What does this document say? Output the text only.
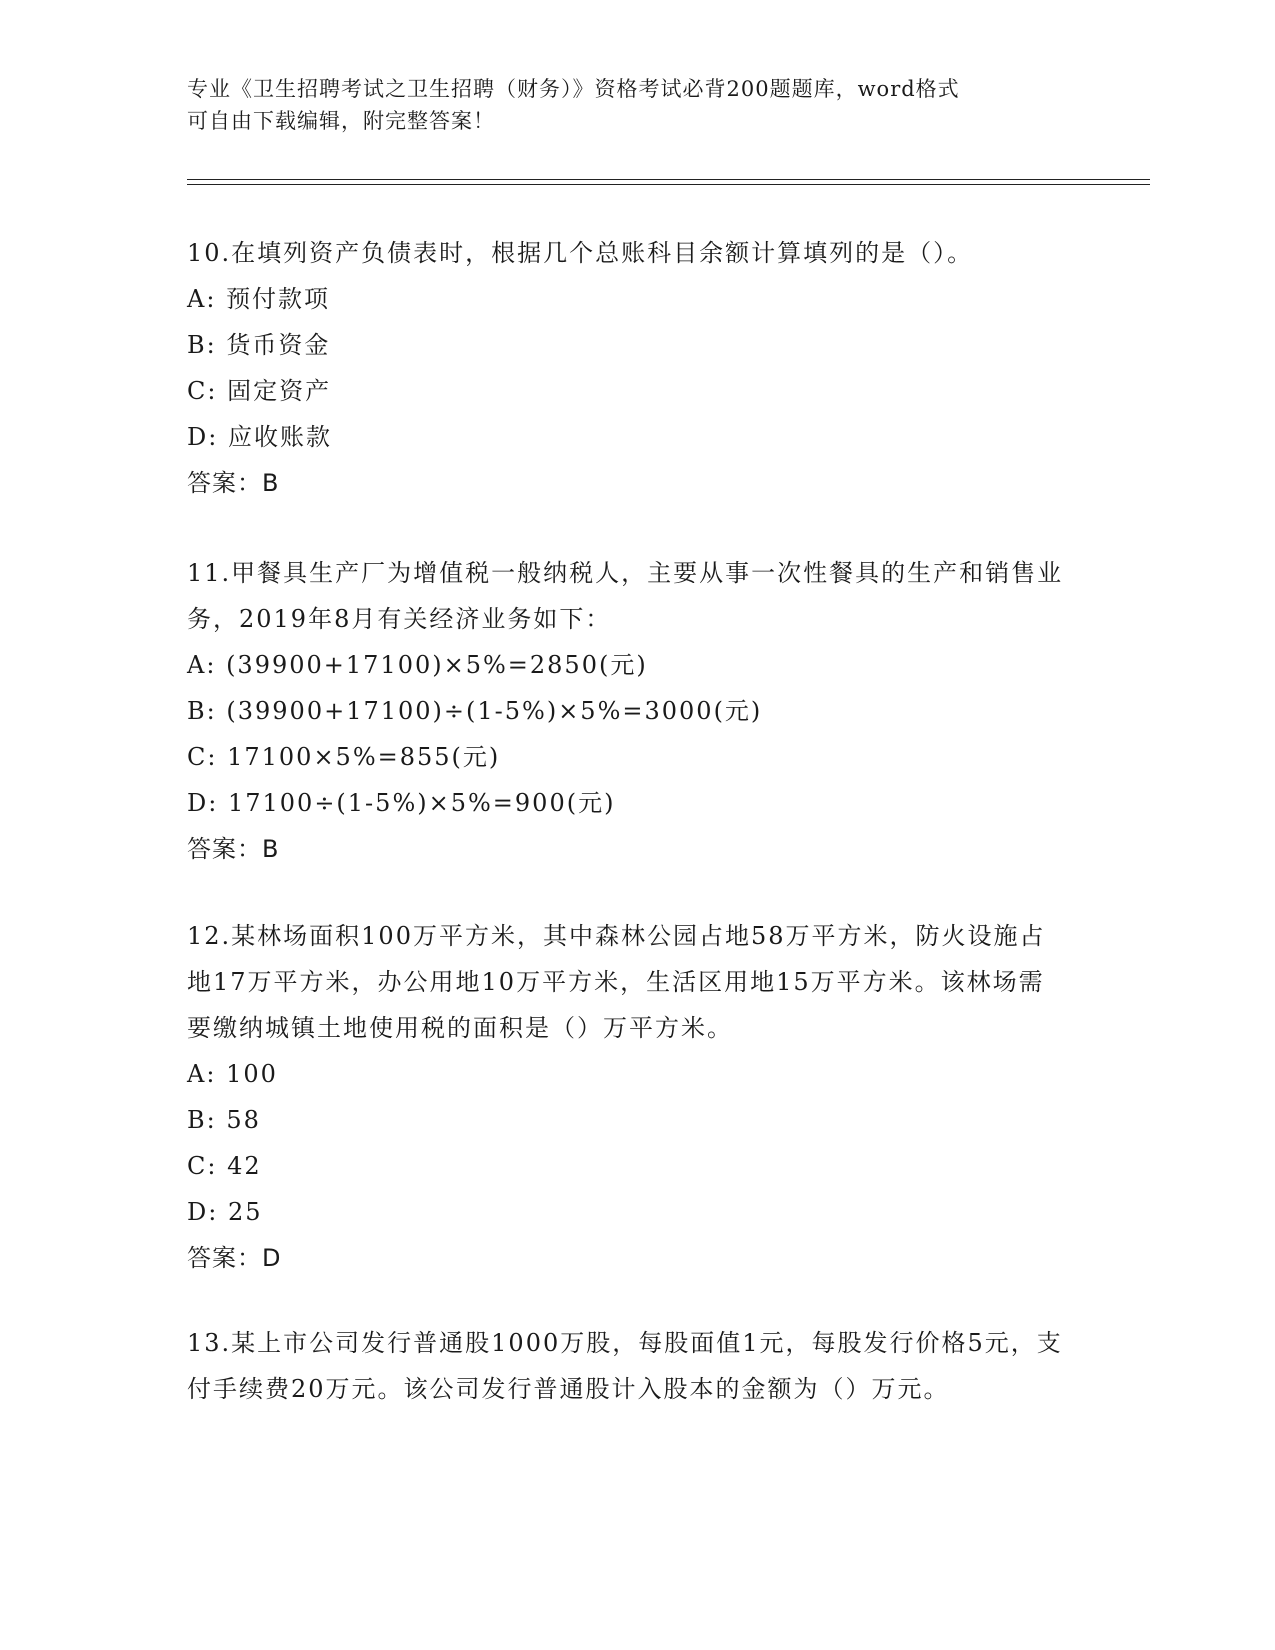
专业《卫生招聘考试之卫生招聘（财务）》资格考试必背200题题库，word格式
可自由下载编辑，附完整答案！

10.在填列资产负债表时，根据几个总账科目余额计算填列的是（）。

A: 预付款项

B: 货币资金

C: 固定资产

D: 应收账款

答案：B

11.甲餐具生产厂为增值税一般纳税人，主要从事一次性餐具的生产和销售业务，2019年8月有关经济业务如下：

A: (39900+17100)×5%=2850(元)

B: (39900+17100)÷(1-5%)×5%=3000(元)

C: 17100×5%=855(元)

D: 17100÷(1-5%)×5%=900(元)

答案：B

12.某林场面积100万平方米，其中森林公园占地58万平方米，防火设施占地17万平方米，办公用地10万平方米，生活区用地15万平方米。该林场需要缴纳城镇土地使用税的面积是（）万平方米。

A: 100

B: 58

C: 42

D: 25

答案：D

13.某上市公司发行普通股1000万股，每股面值1元，每股发行价格5元，支付手续费20万元。该公司发行普通股计入股本的金额为（）万元。
